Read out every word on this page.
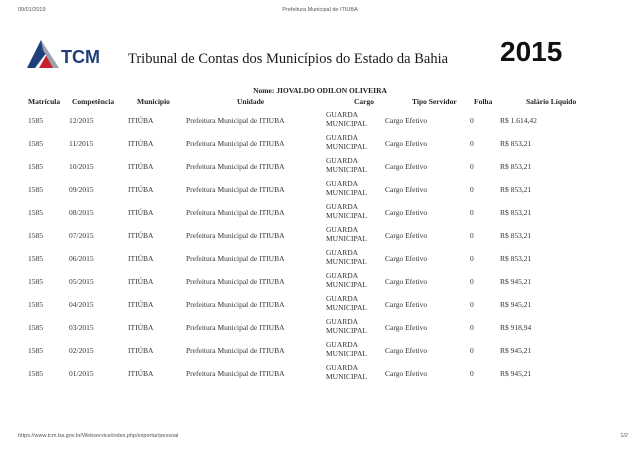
09/01/2019	Prefeitura Municipal de ITIUBA
https://www.tcm.ba.gov.br/Webservice/index.php/exportar/pessoal	1/2
TCM Tribunal de Contas dos Municípios do Estado da Bahia 2015
Nome: JIOVALDO ODILON OLIVEIRA
Matrícula Competência	Município	Unidade	Cargo	Tipo Servidor Folha	Salário Líquido
1585	12/2015	ITIÚBA	Prefeitura Municipal de ITIUBA
GUARDA MUNICIPAL	Cargo Efetivo	0	R$ 1.614,42
1585	11/2015	ITIÚBA	Prefeitura Municipal de ITIUBA
GUARDA MUNICIPAL	Cargo Efetivo	0	R$ 853,21
1585	10/2015	ITIÚBA	Prefeitura Municipal de ITIUBA
GUARDA MUNICIPAL	Cargo Efetivo	0	R$ 853,21
1585	09/2015	ITIÚBA	Prefeitura Municipal de ITIUBA
GUARDA MUNICIPAL	Cargo Efetivo	0	R$ 853,21
1585	08/2015	ITIÚBA	Prefeitura Municipal de ITIUBA
GUARDA MUNICIPAL	Cargo Efetivo	0	R$ 853,21
1585	07/2015	ITIÚBA	Prefeitura Municipal de ITIUBA
GUARDA MUNICIPAL	Cargo Efetivo	0	R$ 853,21
1585	06/2015	ITIÚBA	Prefeitura Municipal de ITIUBA
GUARDA MUNICIPAL	Cargo Efetivo	0	R$ 853,21
1585	05/2015	ITIÚBA	Prefeitura Municipal de ITIUBA
GUARDA MUNICIPAL	Cargo Efetivo	0	R$ 945,21
1585	04/2015	ITIÚBA	Prefeitura Municipal de ITIUBA
GUARDA MUNICIPAL	Cargo Efetivo	0	R$ 945,21
1585	03/2015	ITIÚBA	Prefeitura Municipal de ITIUBA
GUARDA MUNICIPAL	Cargo Efetivo	0	R$ 918,94
1585	02/2015	ITIÚBA	Prefeitura Municipal de ITIUBA
GUARDA MUNICIPAL	Cargo Efetivo	0	R$ 945,21
1585	01/2015	ITIÚBA	Prefeitura Municipal de ITIUBA
GUARDA MUNICIPAL	Cargo Efetivo	0	R$ 945,21
